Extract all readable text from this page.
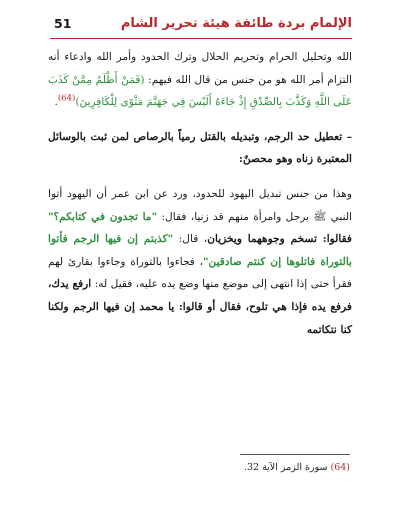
الإلمام بردة طائفة هيئة تحرير الشام
51

الله وتحليل الحرام وتحريم الحلال وترك الحدود وأمر الله وادعاء أنه التزام أمر الله هو من جنس من قال الله فيهم: (فَمَنْ أَظْلَمُ مِمَّنْ كَذَبَ عَلَى اللَّهِ وَكَذَّبَ بِالصِّدْقِ إِذْ جَاءَهُ أَلَيْسَ فِي جَهَنَّمَ مَثْوًى لِلْكَافِرِينَ)$^{(64)}$.

– تعطيل حد الرجم، وتبديله بالقتل رمياً بالرصاص لمن ثبت بالوسائل المعتبرة زناه وهو محصنٌ:

وهذا من جنس تبديل اليهود للحدود، ورد عن ابن عمر أن اليهود أتوا النبي ﷺ برجل وامرأة منهم قد زنيا، فقال: "ما تجدون في كتابكم؟" فقالوا: تسخم وجوههما ويخزيان، قال: "كذبتم إن فيها الرجم فأتوا بالتوراة فاتلوها إن كنتم صادقين"، فجاءوا بالتوراة وجاءوا بقارئ لهم فقرأ حتى إذا انتهى إلى موضع منها وضع يده عليه، فقيل له: ارفع يدك، فرفع يده فإذا هي تلوح، فقال أو قالوا: يا محمد إن فيها الرجم ولكنا كنا نتكاتمه

(64) سورة الزمر الآية 32.
